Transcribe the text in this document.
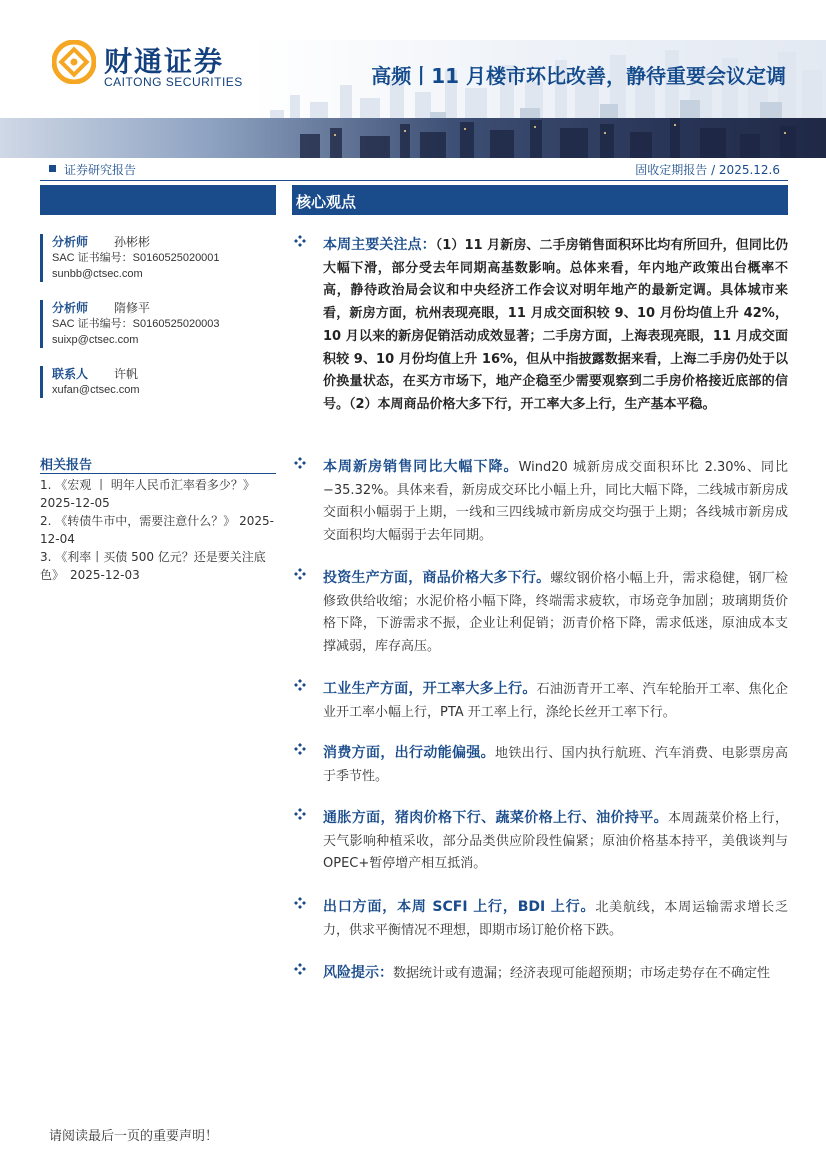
财通证券
CAITONG SECURITIES	高频丨11 月楼市环比改善，静待重要会议定调
证券研究报告	固收定期报告 / 2025.12.6
分析师 孙彬彬
SAC 证书编号：S0160525020001
sunbb@ctsec.com
分析师 隋修平
SAC 证书编号：S0160525020003
suixp@ctsec.com
联系人 许帆
xufan@ctsec.com
相关报告
1. 《宏观 丨 明年人民币汇率看多少？》 2025-12-05
2. 《转债牛市中，需要注意什么？》 2025-12-04
3. 《利率丨买债 500 亿元？还是要关注底色》　2025-12-03
核心观点
本周主要关注点：（1）11 月新房、二手房销售面积环比均有所回升，但同比仍大幅下滑，部分受去年同期高基数影响。总体来看，年内地产政策出台概率不高，静待政治局会议和中央经济工作会议对明年地产的最新定调。具体城市来看，新房方面，杭州表现亮眼，11 月成交面积较 9、10 月份均值上升 42%，10 月以来的新房促销活动成效显著；二手房方面，上海表现亮眼，11 月成交面积较 9、10 月份均值上升 16%，但从中指披露数据来看，上海二手房仍处于以价换量状态，在买方市场下，地产企稳至少需要观察到二手房价格接近底部的信号。（2）本周商品价格大多下行，开工率大多上行，生产基本平稳。
本周新房销售同比大幅下降。Wind20 城新房成交面积环比 2.30%、同比−35.32%。具体来看，新房成交环比小幅上升，同比大幅下降，二线城市新房成交面积小幅弱于上期，一线和三四线城市新房成交均强于上期；各线城市新房成交面积均大幅弱于去年同期。
投资生产方面，商品价格大多下行。螺纹钢价格小幅上升，需求稳健，钢厂检修致供给收缩；水泥价格小幅下降，终端需求疲软，市场竞争加剧；玻璃期货价格下降，下游需求不振，企业让利促销；沥青价格下降，需求低迷，原油成本支撑减弱，库存高压。
工业生产方面，开工率大多上行。石油沥青开工率、汽车轮胎开工率、焦化企业开工率小幅上行，PTA 开工率上行，涤纶长丝开工率下行。
消费方面，出行动能偏强。地铁出行、国内执行航班、汽车消费、电影票房高于季节性。
通胀方面，猪肉价格下行、蔬菜价格上行、油价持平。本周蔬菜价格上行，天气影响种植采收，部分品类供应阶段性偏紧；原油价格基本持平，美俄谈判与 OPEC+暂停增产相互抵消。
出口方面，本周 SCFI 上行，BDI 上行。北美航线，本周运输需求增长乏力，供求平衡情况不理想，即期市场订舱价格下跌。
风险提示：数据统计或有遗漏；经济表现可能超预期；市场走势存在不确定性
请阅读最后一页的重要声明！
